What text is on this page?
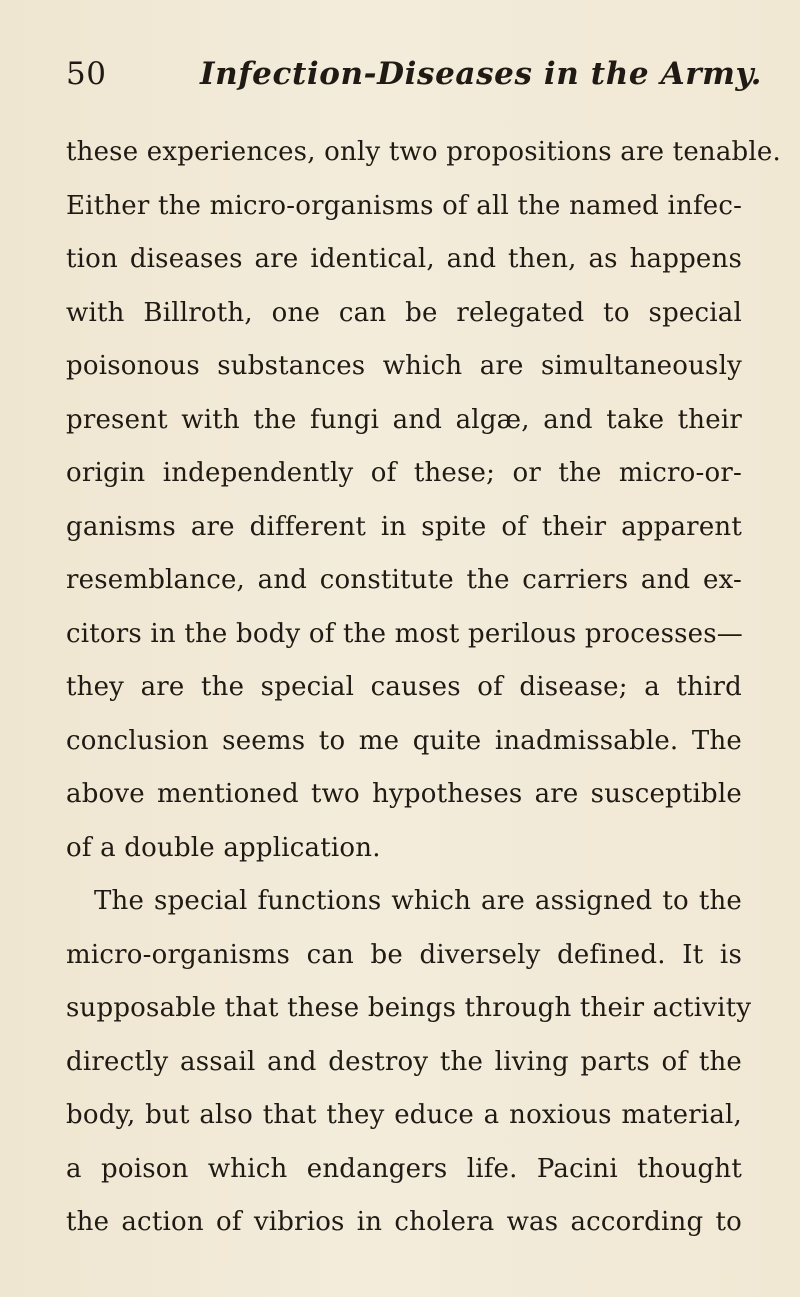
50	Infection-Diseases in the Army.
these experiences, only two propositions are tenable.
Either the micro-organisms of all the named infec-
tion diseases are identical, and then, as happens
with Billroth, one can be relegated to special
poisonous substances which are simultaneously
present with the fungi and algæ, and take their
origin independently of these; or the micro-or-
ganisms are different in spite of their apparent
resemblance, and constitute the carriers and ex-
citors in the body of the most perilous processes—
they are the special causes of disease; a third
conclusion seems to me quite inadmissable. The
above mentioned two hypotheses are susceptible
of a double application.
The special functions which are assigned to the
micro-organisms can be diversely defined. It is
supposable that these beings through their activity
directly assail and destroy the living parts of the
body, but also that they educe a noxious material,
a poison which endangers life. Pacini thought
the action of vibrios in cholera was according to
